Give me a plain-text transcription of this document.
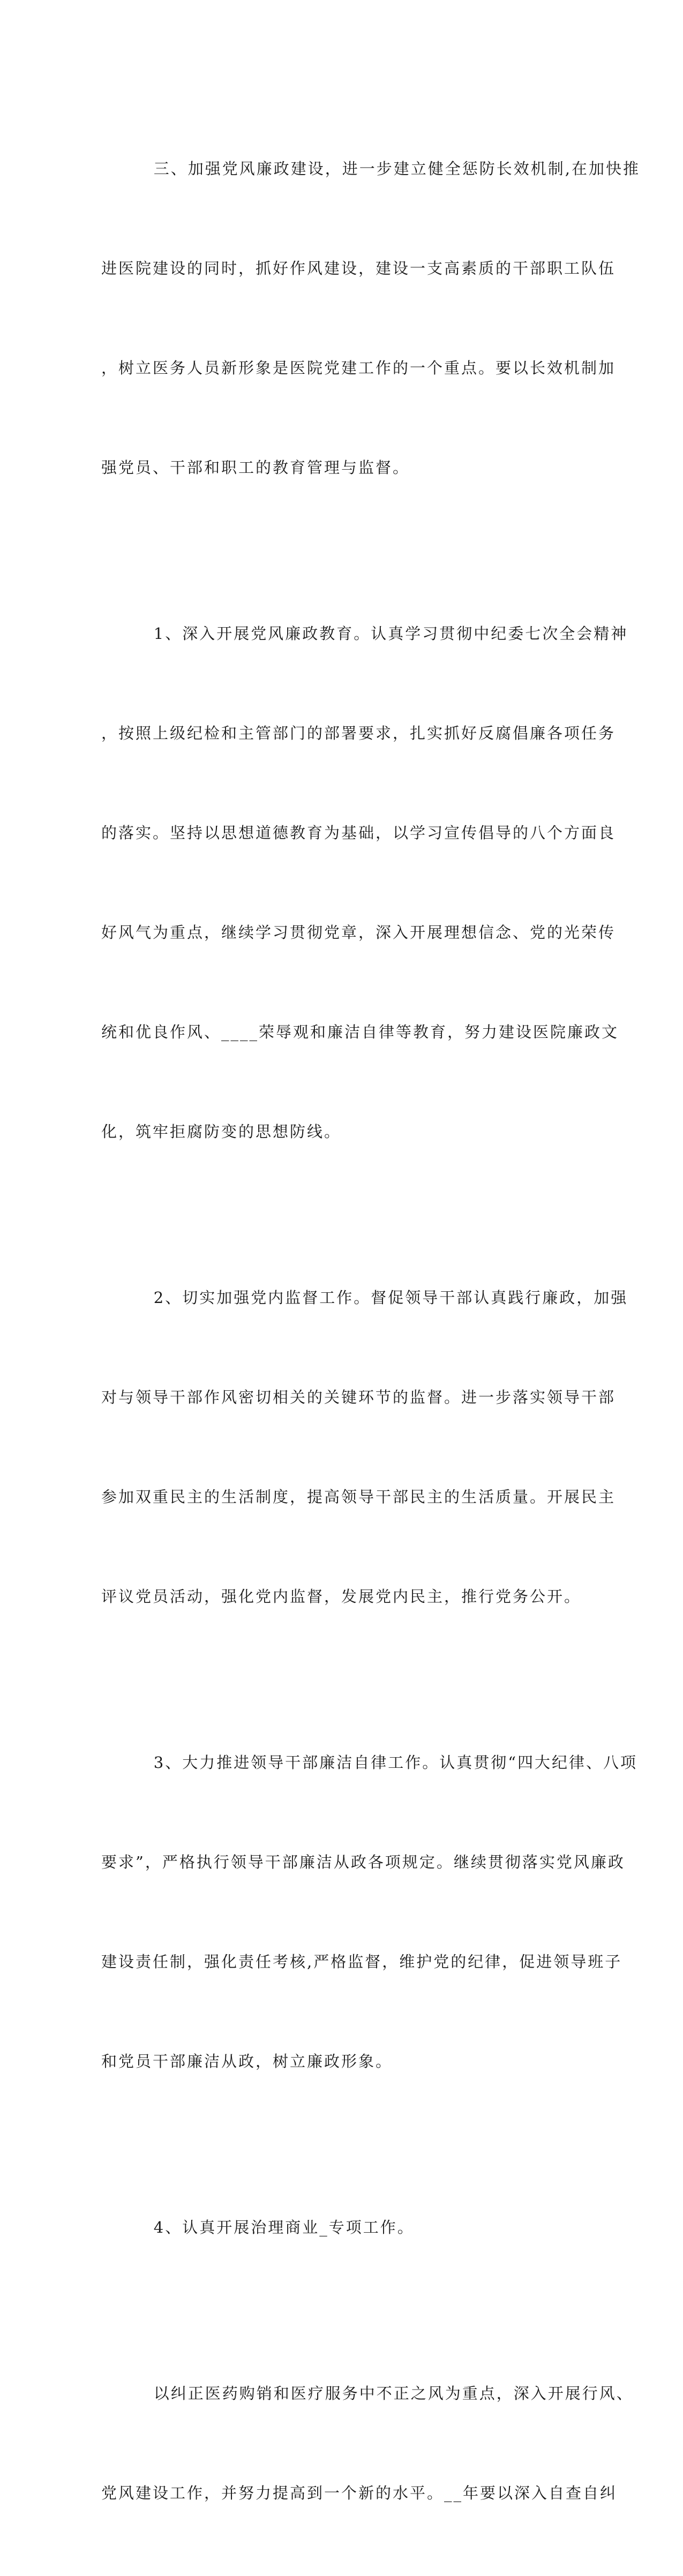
三、加强党风廉政建设，进一步建立健全惩防长效机制,在加快推

进医院建设的同时，抓好作风建设，建设一支高素质的干部职工队伍

，树立医务人员新形象是医院党建工作的一个重点。要以长效机制加

强党员、干部和职工的教育管理与监督。

1、深入开展党风廉政教育。认真学习贯彻中纪委七次全会精神

，按照上级纪检和主管部门的部署要求，扎实抓好反腐倡廉各项任务

的落实。坚持以思想道德教育为基础，以学习宣传倡导的八个方面良

好风气为重点，继续学习贯彻党章，深入开展理想信念、党的光荣传

统和优良作风、____荣辱观和廉洁自律等教育，努力建设医院廉政文

化，筑牢拒腐防变的思想防线。

2、切实加强党内监督工作。督促领导干部认真践行廉政，加强

对与领导干部作风密切相关的关键环节的监督。进一步落实领导干部

参加双重民主的生活制度，提高领导干部民主的生活质量。开展民主

评议党员活动，强化党内监督，发展党内民主，推行党务公开。

3、大力推进领导干部廉洁自律工作。认真贯彻“四大纪律、八项

要求”，严格执行领导干部廉洁从政各项规定。继续贯彻落实党风廉政

建设责任制，强化责任考核,严格监督，维护党的纪律，促进领导班子

和党员干部廉洁从政，树立廉政形象。

4、认真开展治理商业_专项工作。

以纠正医药购销和医疗服务中不正之风为重点，深入开展行风、

党风建设工作，并努力提高到一个新的水平。__年要以深入自查自纠
